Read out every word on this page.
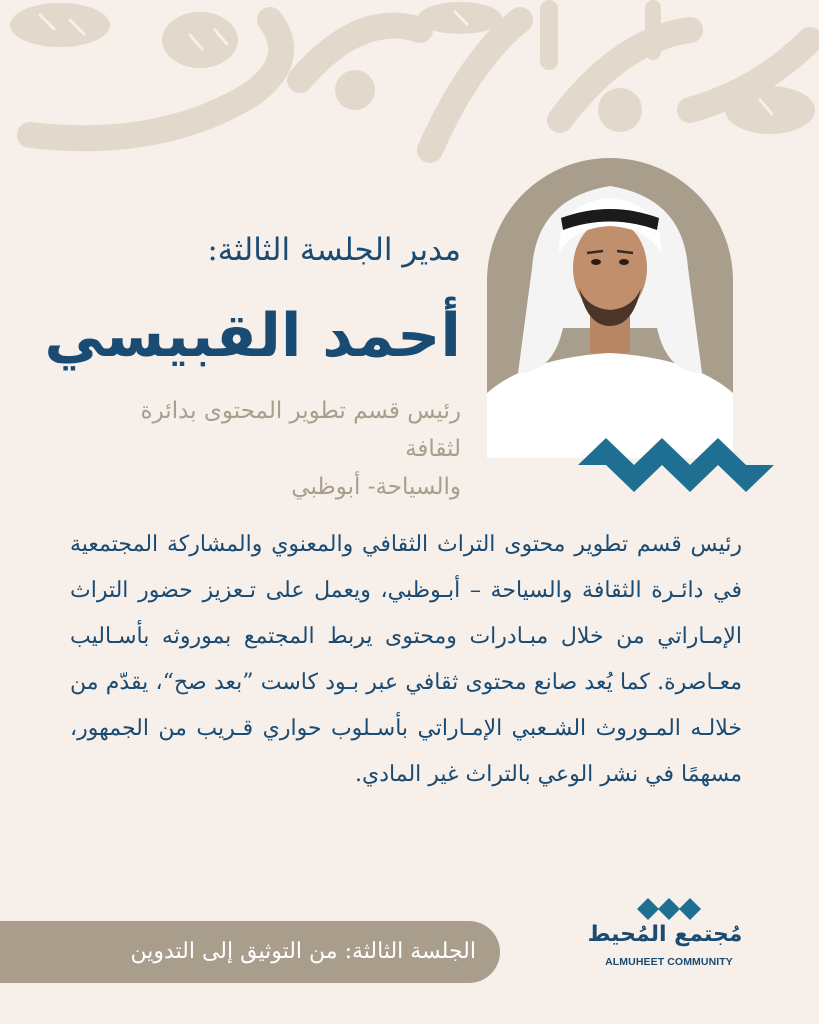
مدير الجلسة الثالثة:
أحمد القبيسي
رئيس قسم تطوير المحتوى بدائرة لثقافة
والسياحة- أبوظبي
رئيس قسم تطوير محتوى التراث الثقافي والمعنوي والمشاركة المجتمعية في دائـرة الثقافة والسياحة – أبـوظبي، ويعمل على تـعزيز حضور التراث الإمـاراتي من خلال مبـادرات ومحتوى يربط المجتمع بموروثه بأسـاليب معـاصرة. كما يُعد صانع محتوى ثقافي عبر بـود كاست ”بعد صح“، يقدّم من خلالـه المـوروث الشـعبي الإمـاراتي بأسـلوب حواري قـريب من الجمهور، مسهمًا في نشر الوعي بالتراث غير المادي.
الجلسة الثالثة: من التوثيق إلى التدوين
مُجتمع المُحيط
ALMUHEET COMMUNITY
